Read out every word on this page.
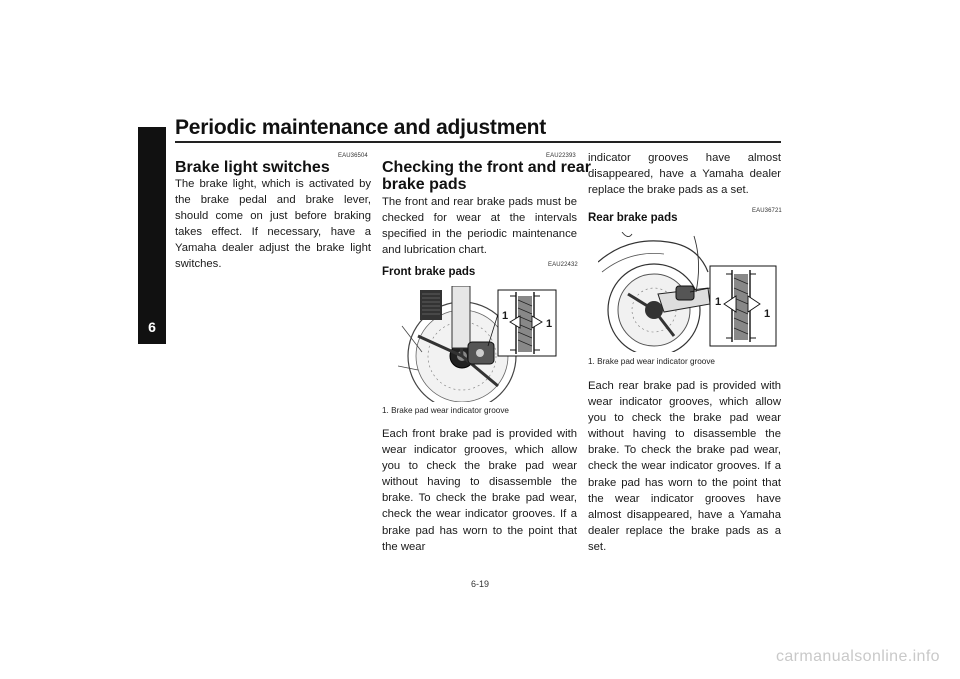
Periodic maintenance and adjustment
6
EAU36504
Brake light switches
The brake light, which is activated by the brake pedal and brake lever, should come on just before braking takes effect. If necessary, have a Yamaha dealer adjust the brake light switches.
EAU22393
Checking the front and rear
brake pads
The front and rear brake pads must be checked for wear at the intervals specified in the periodic maintenance and lubrication chart.
EAU22432
Front brake pads
1
1
1. Brake pad wear indicator groove
Each front brake pad is provided with wear indicator grooves, which allow you to check the brake pad wear without having to disassemble the brake. To check the brake pad wear, check the wear indicator grooves. If a brake pad has worn to the point that the wear
indicator grooves have almost disappeared, have a Yamaha dealer replace the brake pads as a set.
EAU36721
Rear brake pads
1
1
1. Brake pad wear indicator groove
Each rear brake pad is provided with wear indicator grooves, which allow you to check the brake pad wear without having to disassemble the brake. To check the brake pad wear, check the wear indicator grooves. If a brake pad has worn to the point that the wear indicator grooves have almost disappeared, have a Yamaha dealer replace the brake pads as a set.
6-19
carmanualsonline.info
